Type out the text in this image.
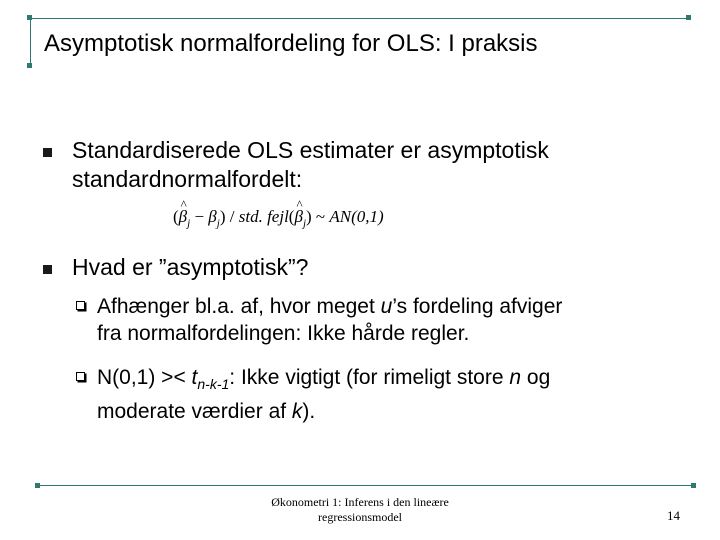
Asymptotisk normalfordeling for OLS: I praksis
Standardiserede OLS estimater er asymptotisk
standardnormalfordelt:
(^ $\beta_j - \beta_j$) / std. fejl(^ $\beta_j$) ~ AN(0,1)
Hvad er ”asymptotisk”?
Afhænger bl.a. af, hvor meget u’s fordeling afviger
fra normalfordelingen: Ikke hårde regler.
$N(0,1) >< t_{n-k-1}$: Ikke vigtigt (for rimeligt store n og
moderate værdier af k).
Økonometri 1: Inferens i den lineære
regressionsmodel	14
